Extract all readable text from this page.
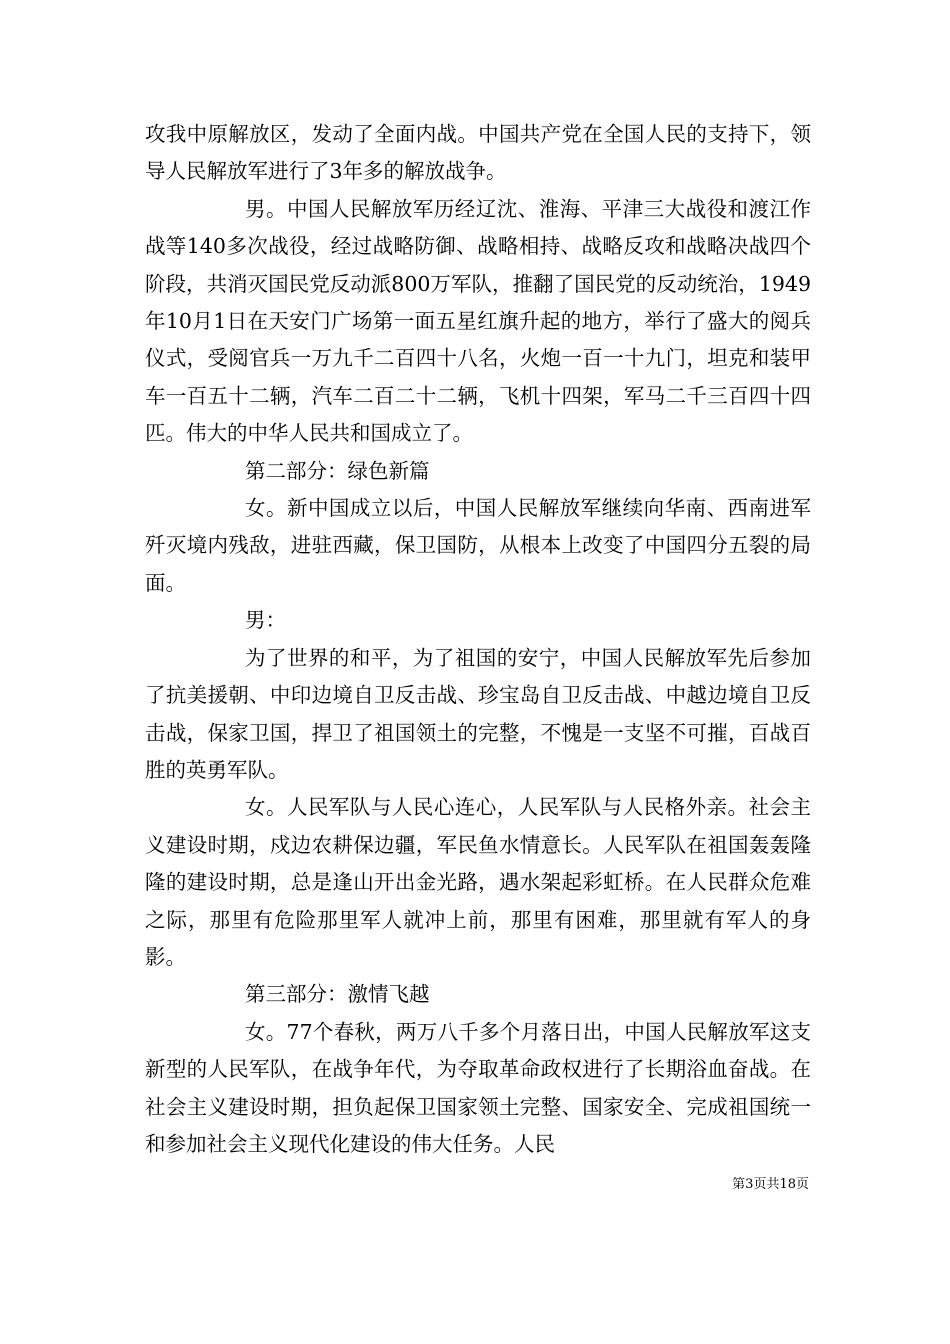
攻我中原解放区，发动了全面内战。中国共产党在全国人民的支持下，领导人民解放军进行了3年多的解放战争。

男。中国人民解放军历经辽沈、淮海、平津三大战役和渡江作战等140多次战役，经过战略防御、战略相持、战略反攻和战略决战四个阶段，共消灭国民党反动派800万军队，推翻了国民党的反动统治，1949年10月1日在天安门广场第一面五星红旗升起的地方，举行了盛大的阅兵仪式，受阅官兵一万九千二百四十八名，火炮一百一十九门，坦克和装甲车一百五十二辆，汽车二百二十二辆，飞机十四架，军马二千三百四十四匹。伟大的中华人民共和国成立了。

第二部分：绿色新篇

女。新中国成立以后，中国人民解放军继续向华南、西南进军歼灭境内残敌，进驻西藏，保卫国防，从根本上改变了中国四分五裂的局面。

男：

为了世界的和平，为了祖国的安宁，中国人民解放军先后参加了抗美援朝、中印边境自卫反击战、珍宝岛自卫反击战、中越边境自卫反击战，保家卫国，捍卫了祖国领土的完整，不愧是一支坚不可摧，百战百胜的英勇军队。

女。人民军队与人民心连心，人民军队与人民格外亲。社会主义建设时期，戍边农耕保边疆，军民鱼水情意长。人民军队在祖国轰轰隆隆的建设时期，总是逢山开出金光路，遇水架起彩虹桥。在人民群众危难之际，那里有危险那里军人就冲上前，那里有困难，那里就有军人的身影。

第三部分：激情飞越

女。77个春秋，两万八千多个月落日出，中国人民解放军这支新型的人民军队，在战争年代，为夺取革命政权进行了长期浴血奋战。在社会主义建设时期，担负起保卫国家领土完整、国家安全、完成祖国统一和参加社会主义现代化建设的伟大任务。人民

第3页共18页
